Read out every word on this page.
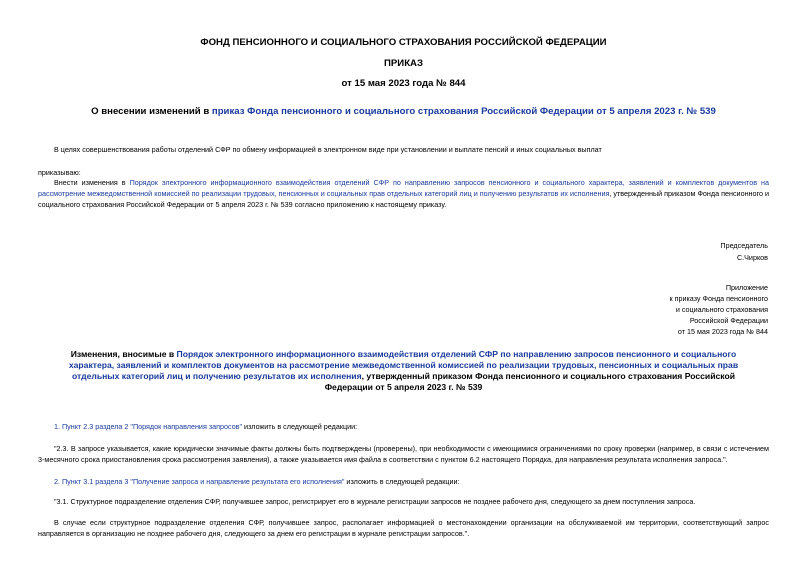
ФОНД ПЕНСИОННОГО И СОЦИАЛЬНОГО СТРАХОВАНИЯ РОССИЙСКОЙ ФЕДЕРАЦИИ
ПРИКАЗ
от 15 мая 2023 года № 844
О внесении изменений в приказ Фонда пенсионного и социального страхования Российской Федерации от 5 апреля 2023 г. № 539
В целях совершенствования работы отделений СФР по обмену информацией в электронном виде при установлении и выплате пенсий и иных социальных выплат
приказываю:
Внести изменения в Порядок электронного информационного взаимодействия отделений СФР по направлению запросов пенсионного и социального характера, заявлений и комплектов документов на рассмотрение межведомственной комиссией по реализации трудовых, пенсионных и социальных прав отдельных категорий лиц и получению результатов их исполнения, утвержденный приказом Фонда пенсионного и социального страхования Российской Федерации от 5 апреля 2023 г. № 539 согласно приложению к настоящему приказу.
Председатель
С.Чирков
Приложение
к приказу Фонда пенсионного
и социального страхования
Российской Федерации
от 15 мая 2023 года № 844
Изменения, вносимые в Порядок электронного информационного взаимодействия отделений СФР по направлению запросов пенсионного и социального характера, заявлений и комплектов документов на рассмотрение межведомственной комиссией по реализации трудовых, пенсионных и социальных прав отдельных категорий лиц и получению результатов их исполнения, утвержденный приказом Фонда пенсионного и социального страхования Российской Федерации от 5 апреля 2023 г. № 539
1. Пункт 2.3 раздела 2 "Порядок направления запросов" изложить в следующей редакции:
"2.3. В запросе указывается, какие юридически значимые факты должны быть подтверждены (проверены), при необходимости с имеющимися ограничениями по сроку проверки (например, в связи с истечением 3-месячного срока приостановления срока рассмотрения заявления), а также указывается имя файла в соответствии с пунктом 6.2 настоящего Порядка, для направления результата исполнения запроса.".
2. Пункт 3.1 раздела 3 "Получение запроса и направление результата его исполнения" изложить в следующей редакции:
"3.1. Структурное подразделение отделения СФР, получившее запрос, регистрирует его в журнале регистрации запросов не позднее рабочего дня, следующего за днем поступления запроса.
В случае если структурное подразделение отделения СФР, получившее запрос, располагает информацией о местонахождении организации на обслуживаемой им территории, соответствующий запрос направляется в организацию не позднее рабочего дня, следующего за днем его регистрации в журнале регистрации запросов.".
